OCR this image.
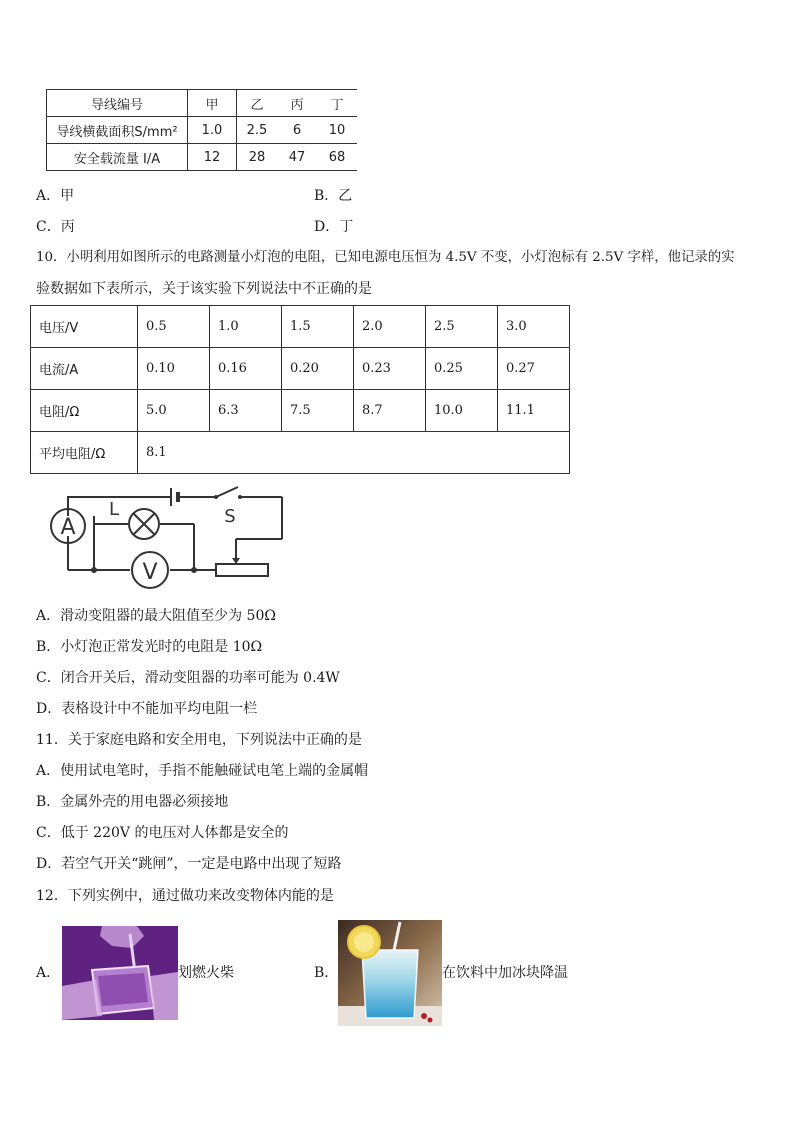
导线编号	甲	乙	丙	丁
导线横截面积S/mm²	1.0	2.5	6	10
安全载流量 I/A	12	28	47	68
A．甲	B．乙
C．丙	D．丁
10．小明利用如图所示的电路测量小灯泡的电阻，已知电源电压恒为 4.5V 不变，小灯泡标有 2.5V 字样，他记录的实
验数据如下表所示，关于该实验下列说法中不正确的是
电压/V	0.5	1.0	1.5	2.0	2.5	3.0
电流/A	0.10	0.16	0.20	0.23	0.25	0.27
电阻/Ω	5.0	6.3	7.5	8.7	10.0	11.1
平均电阻/Ω	8.1					
A
V
L	S
A．滑动变阻器的最大阻值至少为 50Ω
B．小灯泡正常发光时的电阻是 10Ω
C．闭合开关后，滑动变阻器的功率可能为 0.4W
D．表格设计中不能加平均电阻一栏
11．关于家庭电路和安全用电，下列说法中正确的是
A．使用试电笔时，手指不能触碰试电笔上端的金属帽
B．金属外壳的用电器必须接地
C．低于 220V 的电压对人体都是安全的
D．若空气开关“跳闸”，一定是电路中出现了短路
12．下列实例中，通过做功来改变物体内能的是
A．	划燃火柴	B．	在饮料中加冰块降温
